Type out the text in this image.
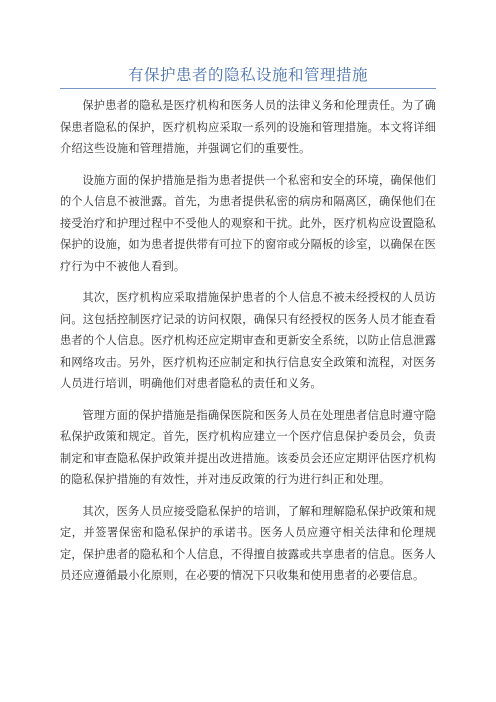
有保护患者的隐私设施和管理措施

保护患者的隐私是医疗机构和医务人员的法律义务和伦理责任。为了确保患者隐私的保护，医疗机构应采取一系列的设施和管理措施。本文将详细介绍这些设施和管理措施，并强调它们的重要性。

设施方面的保护措施是指为患者提供一个私密和安全的环境，确保他们的个人信息不被泄露。首先，为患者提供私密的病房和隔离区，确保他们在接受治疗和护理过程中不受他人的观察和干扰。此外，医疗机构应设置隐私保护的设施，如为患者提供带有可拉下的窗帘或分隔板的诊室，以确保在医疗行为中不被他人看到。

其次，医疗机构应采取措施保护患者的个人信息不被未经授权的人员访问。这包括控制医疗记录的访问权限，确保只有经授权的医务人员才能查看患者的个人信息。医疗机构还应定期审查和更新安全系统，以防止信息泄露和网络攻击。另外，医疗机构还应制定和执行信息安全政策和流程，对医务人员进行培训，明确他们对患者隐私的责任和义务。

管理方面的保护措施是指确保医院和医务人员在处理患者信息时遵守隐私保护政策和规定。首先，医疗机构应建立一个医疗信息保护委员会，负责制定和审查隐私保护政策并提出改进措施。该委员会还应定期评估医疗机构的隐私保护措施的有效性，并对违反政策的行为进行纠正和处理。

其次，医务人员应接受隐私保护的培训，了解和理解隐私保护政策和规定，并签署保密和隐私保护的承诺书。医务人员应遵守相关法律和伦理规定，保护患者的隐私和个人信息，不得擅自披露或共享患者的信息。医务人员还应遵循最小化原则，在必要的情况下只收集和使用患者的必要信息。
